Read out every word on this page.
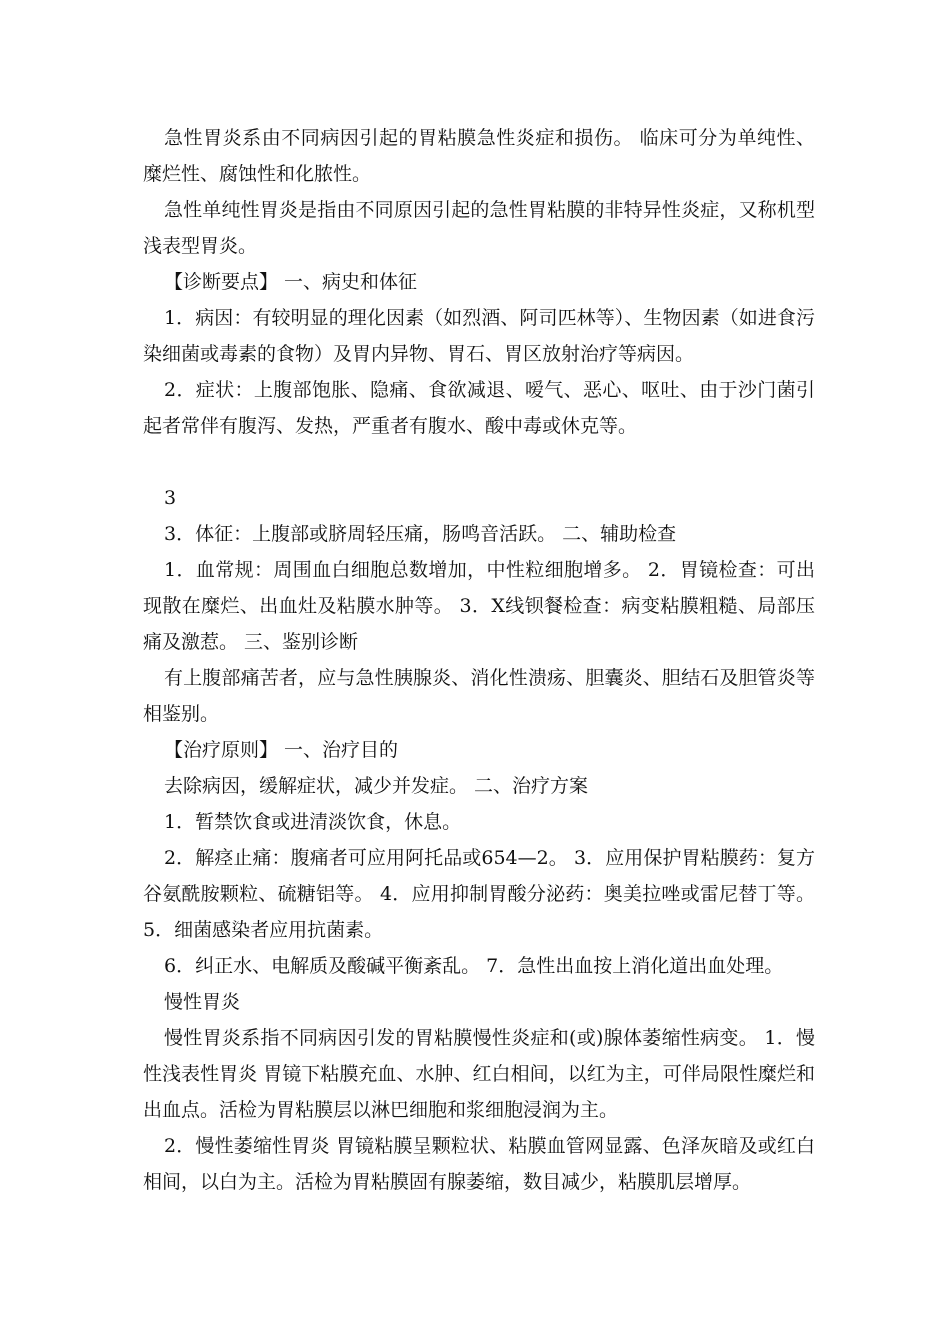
急性胃炎系由不同病因引起的胃粘膜急性炎症和损伤。 临床可分为单纯性、糜烂性、腐蚀性和化脓性。

急性单纯性胃炎是指由不同原因引起的急性胃粘膜的非特异性炎症，又称机型浅表型胃炎。

【诊断要点】 一、病史和体征

1．病因：有较明显的理化因素（如烈酒、阿司匹林等）、生物因素（如进食污染细菌或毒素的食物）及胃内异物、胃石、胃区放射治疗等病因。

2．症状：上腹部饱胀、隐痛、食欲减退、嗳气、恶心、呕吐、由于沙门菌引起者常伴有腹泻、发热，严重者有腹水、酸中毒或休克等。

3

3．体征：上腹部或脐周轻压痛，肠鸣音活跃。 二、辅助检查

1．血常规：周围血白细胞总数增加，中性粒细胞增多。 2．胃镜检查：可出现散在糜烂、出血灶及粘膜水肿等。 3．X线钡餐检查：病变粘膜粗糙、局部压痛及激惹。 三、鉴别诊断

有上腹部痛苦者，应与急性胰腺炎、消化性溃疡、胆囊炎、胆结石及胆管炎等相鉴别。

【治疗原则】 一、治疗目的

去除病因，缓解症状，减少并发症。 二、治疗方案

1．暂禁饮食或进清淡饮食，休息。

2．解痉止痛：腹痛者可应用阿托品或654—2。 3．应用保护胃粘膜药：复方谷氨酰胺颗粒、硫糖铝等。 4．应用抑制胃酸分泌药：奥美拉唑或雷尼替丁等。 5．细菌感染者应用抗菌素。

6．纠正水、电解质及酸碱平衡紊乱。 7．急性出血按上消化道出血处理。

慢性胃炎

慢性胃炎系指不同病因引发的胃粘膜慢性炎症和(或)腺体萎缩性病变。 1．慢性浅表性胃炎 胃镜下粘膜充血、水肿、红白相间，以红为主，可伴局限性糜烂和出血点。活检为胃粘膜层以淋巴细胞和浆细胞浸润为主。

2．慢性萎缩性胃炎 胃镜粘膜呈颗粒状、粘膜血管网显露、色泽灰暗及或红白相间，以白为主。活检为胃粘膜固有腺萎缩，数目减少，粘膜肌层增厚。
